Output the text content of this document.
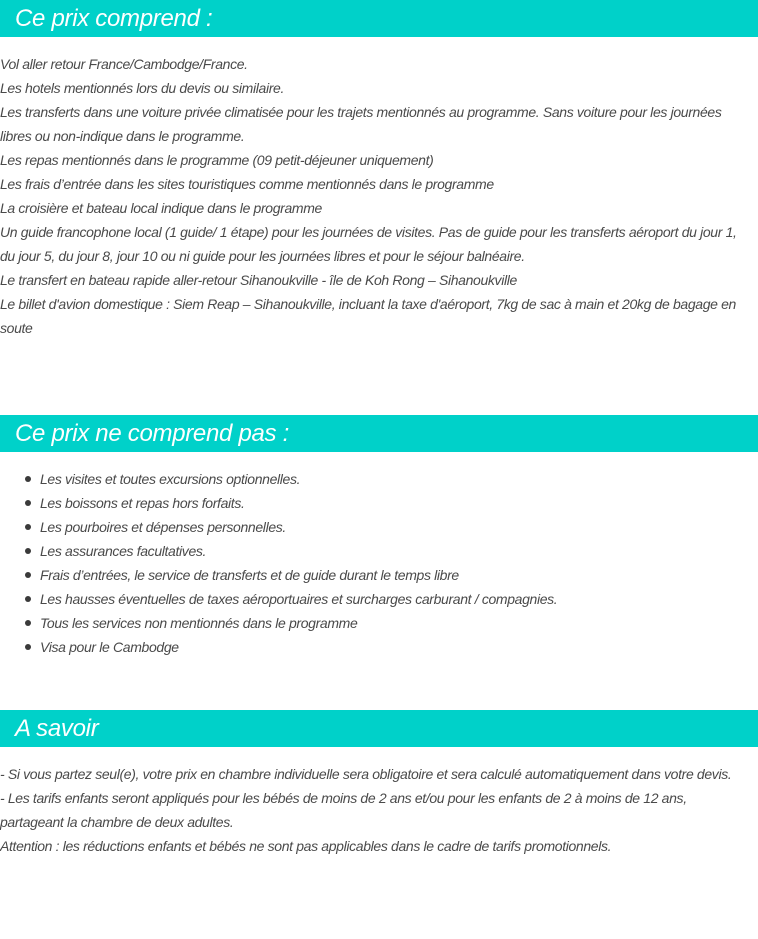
Ce prix comprend :

Vol aller retour France/Cambodge/France.

Les hotels mentionnés lors du devis ou similaire.

Les transferts dans une voiture privée climatisée pour les trajets mentionnés au programme. Sans voiture pour les journées libres ou non-indique dans le programme.

Les repas mentionnés dans le programme (09 petit-déjeuner uniquement)

Les frais d’entrée dans les sites touristiques comme mentionnés dans le programme

La croisière et bateau local indique dans le programme

Un guide francophone local (1 guide/ 1 étape) pour les journées de visites. Pas de guide pour les transferts aéroport du jour 1, du jour 5, du jour 8, jour 10 ou ni guide pour les journées libres et pour le séjour balnéaire.

Le transfert en bateau rapide aller-retour Sihanoukville - île de Koh Rong – Sihanoukville

Le billet d'avion domestique : Siem Reap – Sihanoukville, incluant la taxe d'aéroport, 7kg de sac à main et 20kg de bagage en soute

Ce prix ne comprend pas :
Les visites et toutes excursions optionnelles.
Les boissons et repas hors forfaits.
Les pourboires et dépenses personnelles.
Les assurances facultatives.
Frais d’entrées, le service de transferts et de guide durant le temps libre
Les hausses éventuelles de taxes aéroportuaires et surcharges carburant / compagnies.
Tous les services non mentionnés dans le programme
Visa pour le Cambodge
A savoir

- Si vous partez seul(e), votre prix en chambre individuelle sera obligatoire et sera calculé automatiquement dans votre devis.

- Les tarifs enfants seront appliqués pour les bébés de moins de 2 ans et/ou pour les enfants de 2 à moins de 12 ans, partageant la chambre de deux adultes.

Attention : les réductions enfants et bébés ne sont pas applicables dans le cadre de tarifs promotionnels.
